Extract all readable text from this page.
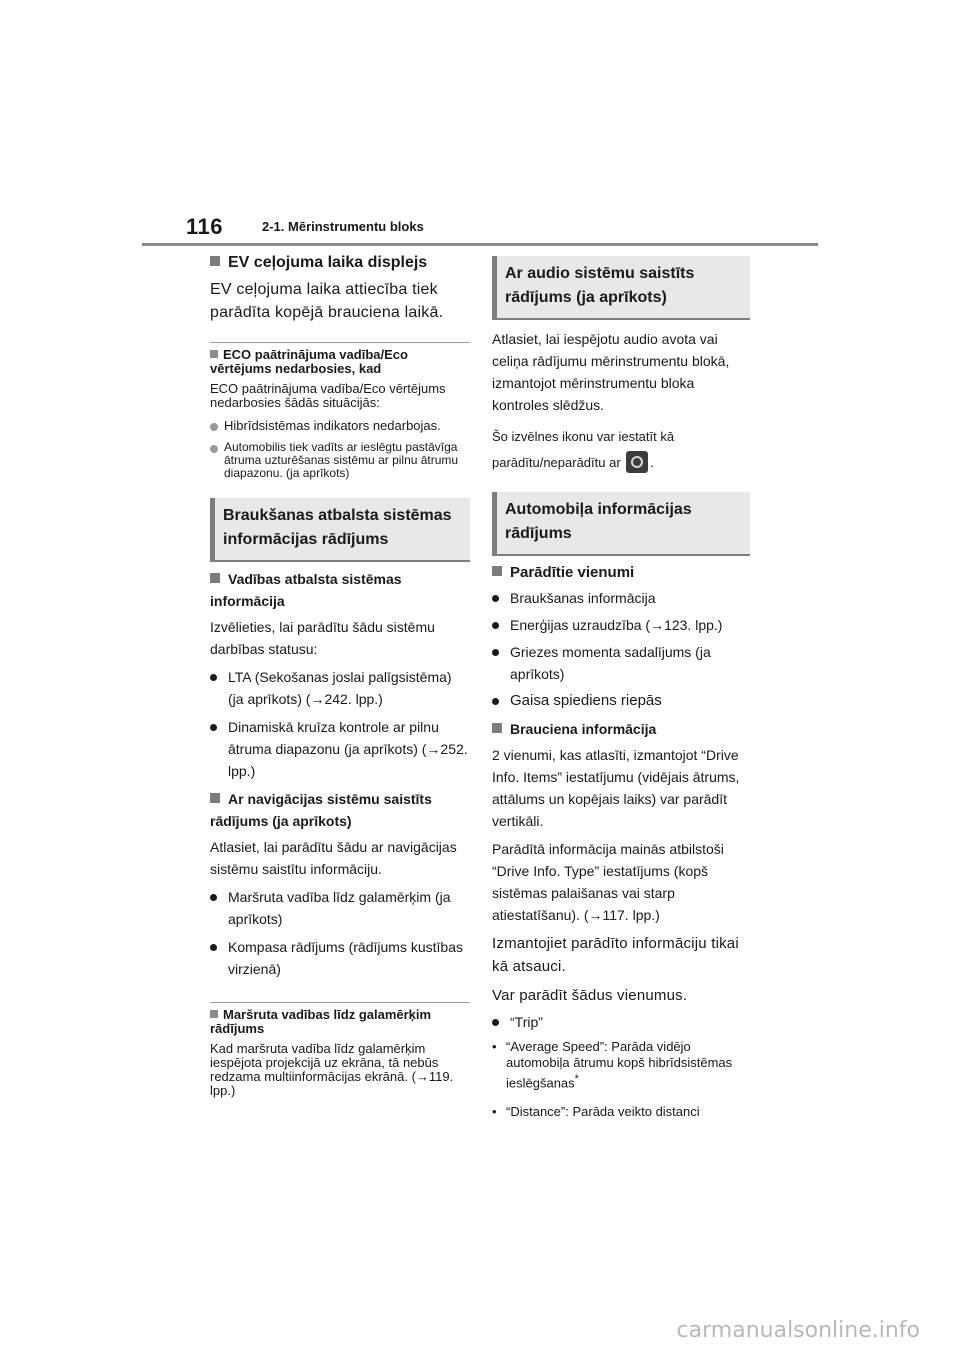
116	2-1. Mērinstrumentu bloks

EV ceļojuma laika displejs

EV ceļojuma laika attiecība tiek parādīta kopējā brauciena laikā.

ECO paātrinājuma vadība/Eco vērtējums nedarbosies, kad

ECO paātrinājuma vadība/Eco vērtējums nedarbosies šādās situācijās:

Hibrīdsistēmas indikators nedarbojas.

Automobilis tiek vadīts ar ieslēgtu pastāvīga ātruma uzturēšanas sistēmu ar pilnu ātrumu diapazonu. (ja aprīkots)

Braukšanas atbalsta sistēmas informācijas rādījums

Vadības atbalsta sistēmas informācija

Izvēlieties, lai parādītu šādu sistēmu darbības statusu:

LTA (Sekošanas joslai palīgsistēma) (ja aprīkots) (→242. lpp.)

Dinamiskā kruīza kontrole ar pilnu ātruma diapazonu (ja aprīkots) (→252. lpp.)

Ar navigācijas sistēmu saistīts rādījums (ja aprīkots)

Atlasiet, lai parādītu šādu ar navigācijas sistēmu saistītu informāciju.

Maršruta vadība līdz galamērķim (ja aprīkots)

Kompasa rādījums (rādījums kustības virzienā)

Maršruta vadības līdz galamērķim rādījums

Kad maršruta vadība līdz galamērķim iespējota projekcijā uz ekrāna, tā nebūs redzama multiinformācijas ekrānā. (→119. lpp.)

Ar audio sistēmu saistīts rādījums (ja aprīkots)

Atlasiet, lai iespējotu audio avota vai celiņa rādījumu mērinstrumentu blokā, izmantojot mērinstrumentu bloka kontroles slēdžus.

Šo izvēlnes ikonu var iestatīt kā parādītu/neparādītu ar .

Automobiļa informācijas rādījums

Parādītie vienumi

Braukšanas informācija

Enerģijas uzraudzība (→123. lpp.)

Griezes momenta sadalījums (ja aprīkots)

Gaisa spiediens riepās

Brauciena informācija

2 vienumi, kas atlasīti, izmantojot “Drive Info. Items” iestatījumu (vidējais ātrums, attālums un kopējais laiks) var parādīt vertikāli.

Parādītā informācija mainās atbilstoši “Drive Info. Type” iestatījums (kopš sistēmas palaišanas vai starp atiestatīšanu). (→117. lpp.)

Izmantojiet parādīto informāciju tikai kā atsauci.

Var parādīt šādus vienumus.

“Trip”

• “Average Speed”: Parāda vidējo automobiļa ātrumu kopš hibrīdsistēmas ieslēgšanas*

• “Distance”: Parāda veikto distanci

carmanualsonline.info
